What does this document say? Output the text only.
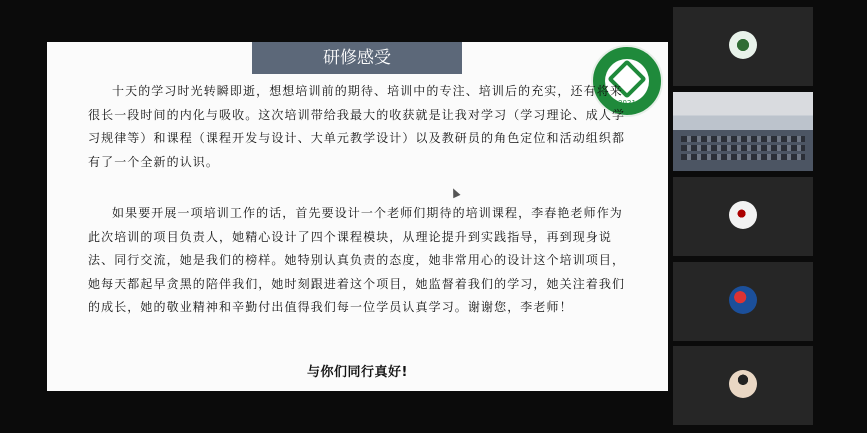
研修感受
2021
十天的学习时光转瞬即逝，想想培训前的期待、培训中的专注、培训后的充实，还有将来很长一段时间的内化与吸收。这次培训带给我最大的收获就是让我对学习（学习理论、成人学习规律等）和课程（课程开发与设计、大单元教学设计）以及教研员的角色定位和活动组织都有了一个全新的认识。
如果要开展一项培训工作的话，首先要设计一个老师们期待的培训课程，李春艳老师作为此次培训的项目负责人，她精心设计了四个课程模块，从理论提升到实践指导，再到现身说法、同行交流，她是我们的榜样。她特别认真负责的态度，她非常用心的设计这个培训项目，她每天都起早贪黑的陪伴我们，她时刻跟进着这个项目，她监督着我们的学习，她关注着我们的成长，她的敬业精神和辛勤付出值得我们每一位学员认真学习。谢谢您，李老师！
与你们同行真好!
